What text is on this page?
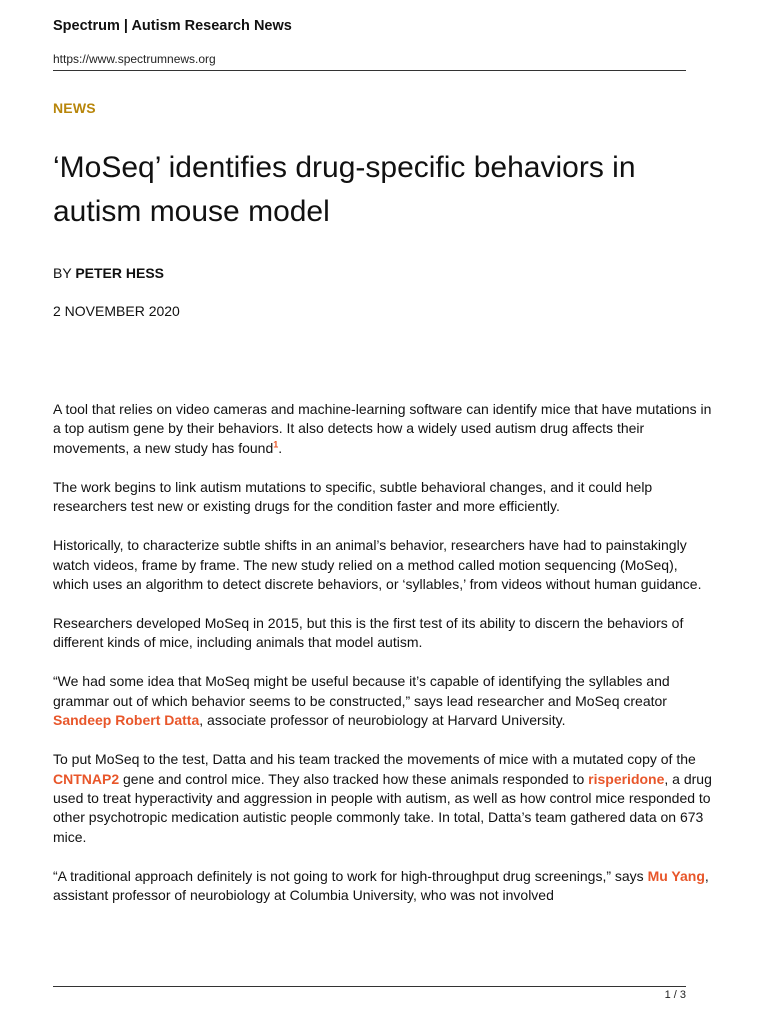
Spectrum | Autism Research News
https://www.spectrumnews.org
NEWS
‘MoSeq’ identifies drug-specific behaviors in autism mouse model
BY PETER HESS
2 NOVEMBER 2020

A tool that relies on video cameras and machine-learning software can identify mice that have mutations in a top autism gene by their behaviors. It also detects how a widely used autism drug affects their movements, a new study has found$^1$.

The work begins to link autism mutations to specific, subtle behavioral changes, and it could help researchers test new or existing drugs for the condition faster and more efficiently.

Historically, to characterize subtle shifts in an animal’s behavior, researchers have had to painstakingly watch videos, frame by frame. The new study relied on a method called motion sequencing (MoSeq), which uses an algorithm to detect discrete behaviors, or ‘syllables,’ from videos without human guidance.

Researchers developed MoSeq in 2015, but this is the first test of its ability to discern the behaviors of different kinds of mice, including animals that model autism.

“We had some idea that MoSeq might be useful because it’s capable of identifying the syllables and grammar out of which behavior seems to be constructed,” says lead researcher and MoSeq creator Sandeep Robert Datta, associate professor of neurobiology at Harvard University.

To put MoSeq to the test, Datta and his team tracked the movements of mice with a mutated copy of the CNTNAP2 gene and control mice. They also tracked how these animals responded to risperidone, a drug used to treat hyperactivity and aggression in people with autism, as well as how control mice responded to other psychotropic medication autistic people commonly take. In total, Datta’s team gathered data on 673 mice.

“A traditional approach definitely is not going to work for high-throughput drug screenings,” says Mu Yang, assistant professor of neurobiology at Columbia University, who was not involved

1 / 3
